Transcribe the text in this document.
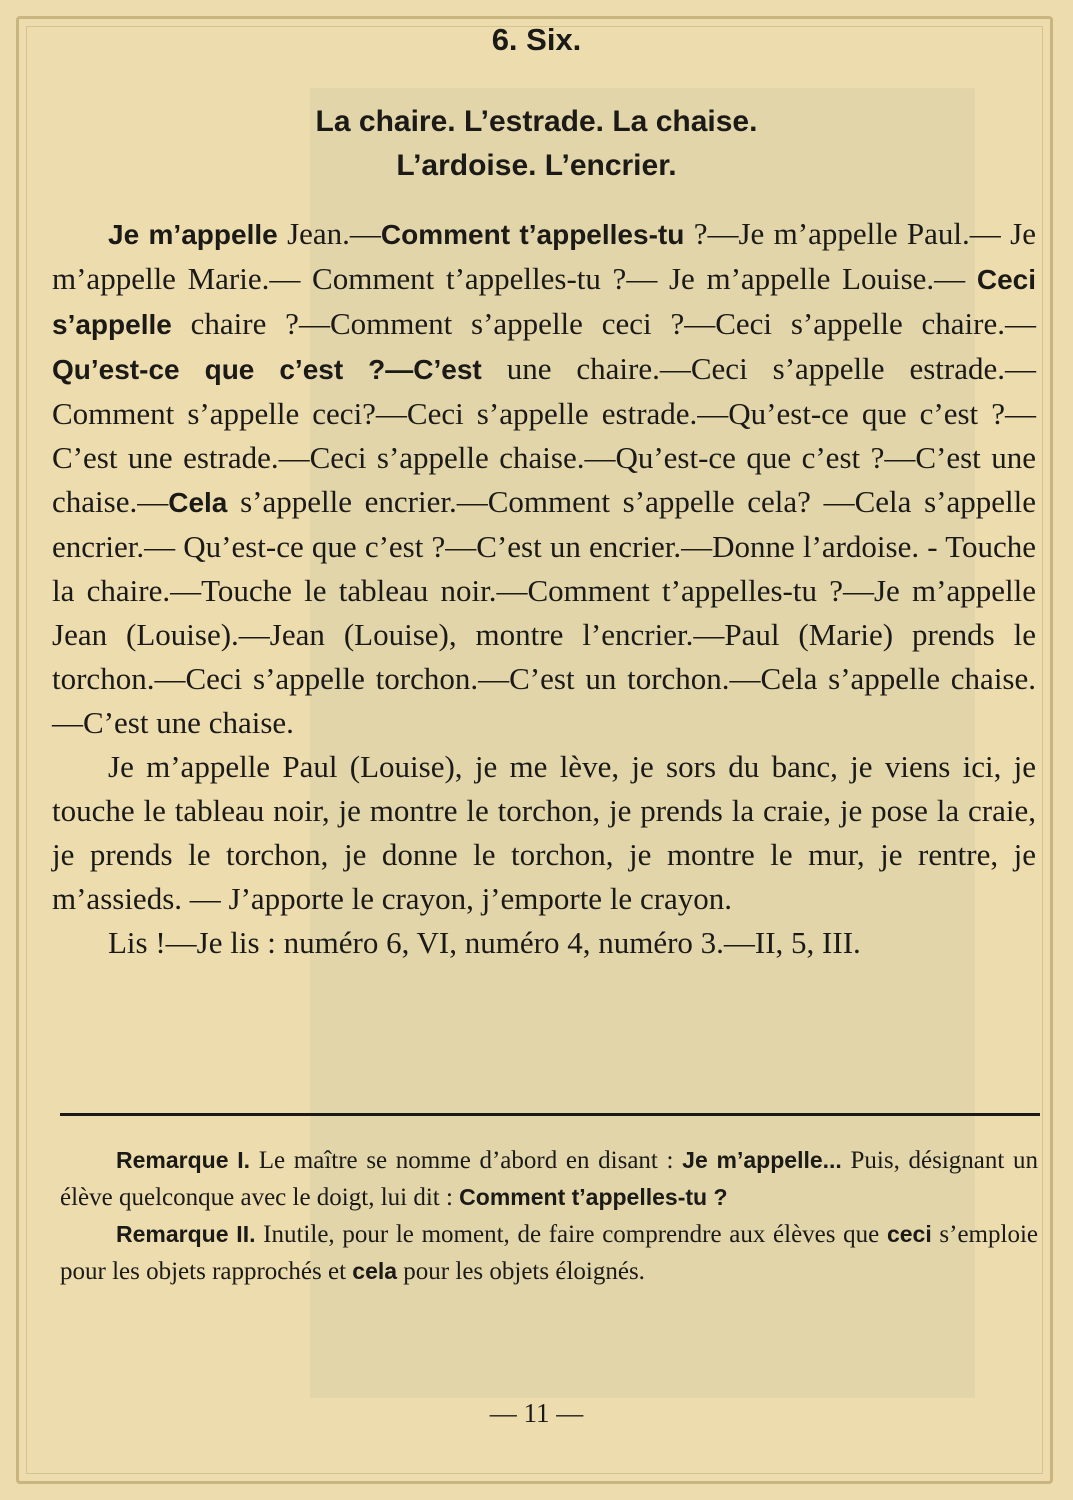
6. Six.
La chaire. L’estrade. La chaise.
L’ardoise. L’encrier.

Je m’appelle Jean.—Comment t’appelles-tu ?—Je m’appelle Paul.— Je m’appelle Marie.— Comment t’appelles-tu ?— Je m’appelle Louise.— Ceci s’appelle chaire ?—Comment s’appelle ceci ?—Ceci s’appelle chaire.—Qu’est-ce que c’est ?—C’est une chaire.—Ceci s’appelle estrade.—Comment s’appelle ceci?—Ceci s’appelle estrade.—Qu’est-ce que c’est ?—C’est une estrade.—Ceci s’appelle chaise.—Qu’est-ce que c’est ?—C’est une chaise.—Cela s’appelle encrier.—Comment s’appelle cela? —Cela s’appelle encrier.— Qu’est-ce que c’est ?—C’est un encrier.—Donne l’ardoise. - Touche la chaire.—Touche le tableau noir.—Comment t’appelles-tu ?—Je m’appelle Jean (Louise).—Jean (Louise), montre l’encrier.—Paul (Marie) prends le torchon.—Ceci s’appelle torchon.—C’est un torchon.—Cela s’appelle chaise.—C’est une chaise.

Je m’appelle Paul (Louise), je me lève, je sors du banc, je viens ici, je touche le tableau noir, je montre le torchon, je prends la craie, je pose la craie, je prends le torchon, je donne le torchon, je montre le mur, je rentre, je m’assieds. — J’apporte le crayon, j’emporte le crayon.

Lis !—Je lis : numéro 6, VI, numéro 4, numéro 3.—II, 5, III.

Remarque I. Le maître se nomme d’abord en disant : Je m’appelle... Puis, désignant un élève quelconque avec le doigt, lui dit : Comment t’appelles-tu ?

Remarque II. Inutile, pour le moment, de faire comprendre aux élèves que ceci s’emploie pour les objets rapprochés et cela pour les objets éloignés.

— 11 —
